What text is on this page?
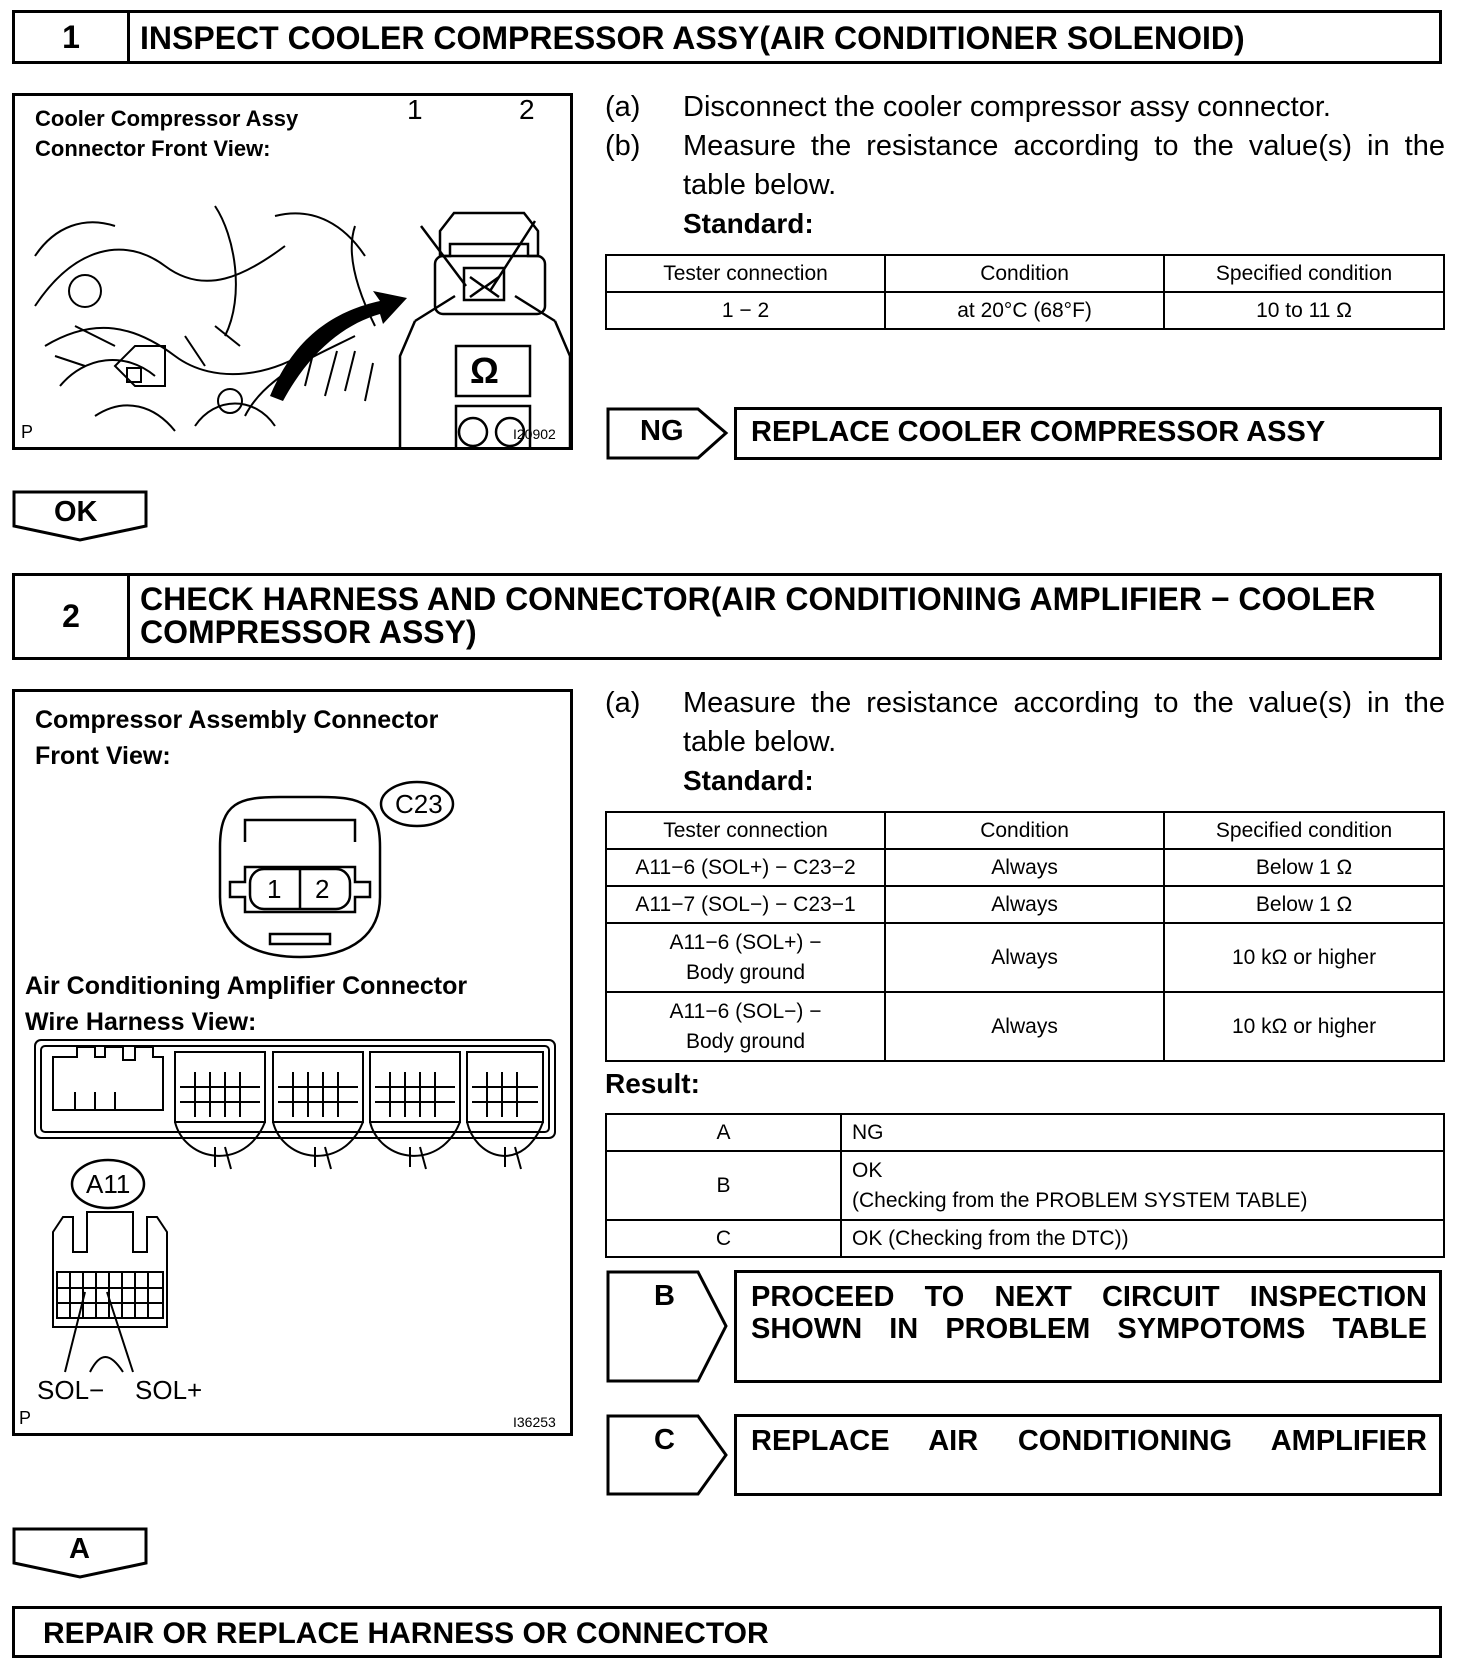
1	INSPECT COOLER COMPRESSOR ASSY(AIR CONDITIONER SOLENOID)
Cooler Compressor Assy
Connector Front View:
1	2
Ω
P	I20902
(a) Disconnect the cooler compressor assy connector.
(b) Measure the resistance according to the value(s) in the table below.
Standard:
Tester connection	Condition	Specified condition
1 − 2	at 20°C (68°F)	10 to 11 Ω
NG	REPLACE COOLER COMPRESSOR ASSY
OK
2	CHECK HARNESS AND CONNECTOR(AIR CONDITIONING AMPLIFIER − COOLER
COMPRESSOR ASSY)
Compressor Assembly Connector
Front View:
C23
1 2
Air Conditioning Amplifier Connector
Wire Harness View:
A11
SOL− SOL+
P	I36253
(a) Measure the resistance according to the value(s) in the table below.
Standard:
Tester connection	Condition	Specified condition
A11−6 (SOL+) − C23−2	Always	Below 1 Ω
A11−7 (SOL−) − C23−1	Always	Below 1 Ω

A11−6 (SOL+) −
Body ground	Always	10 kΩ or higher

A11−6 (SOL−) −
Body ground	Always	10 kΩ or higher
Result:
A	NG
B	OK
(Checking from the PROBLEM SYSTEM TABLE)

C	OK (Checking from the DTC))
B	PROCEED TO NEXT CIRCUIT INSPECTION
SHOWN IN PROBLEM SYMPOTOMS TABLE
C	REPLACE AIR CONDITIONING AMPLIFIER
A
REPAIR OR REPLACE HARNESS OR CONNECTOR
